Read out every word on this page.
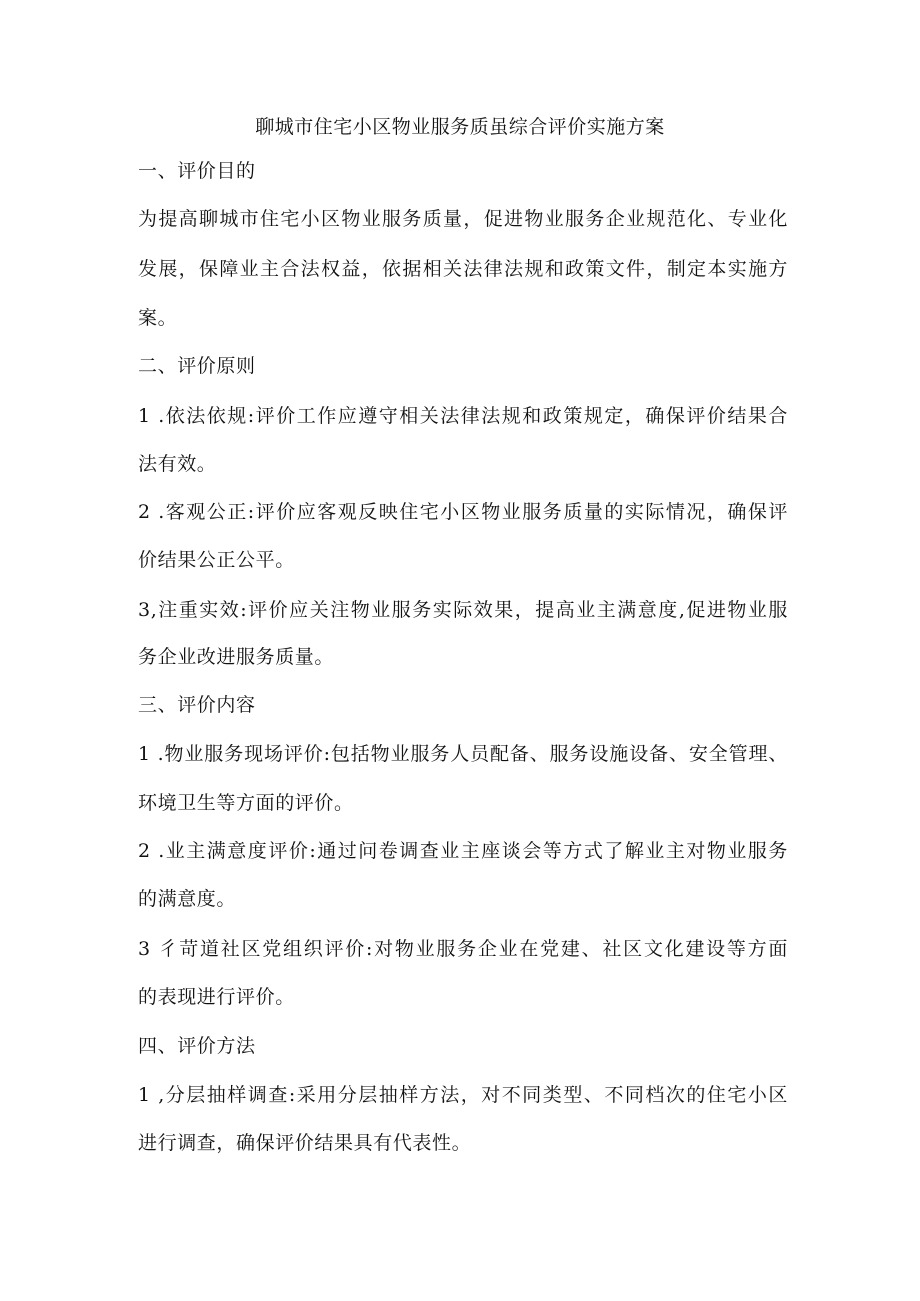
聊城市住宅小区物业服务质虽综合评价实施方案
一、评价目的
为提高聊城市住宅小区物业服务质量，促进物业服务企业规范化、专业化
发展，保障业主合法权益，依据相关法律法规和政策文件，制定本实施方
案。
二、评价原则
1 .依法依规:评价工作应遵守相关法律法规和政策规定，确保评价结果合
法有效。
2 .客观公正:评价应客观反映住宅小区物业服务质量的实际情况，确保评
价结果公正公平。
3,注重实效:评价应关注物业服务实际效果，提高业主满意度,促进物业服
务企业改进服务质量。
三、评价内容
1 .物业服务现场评价:包括物业服务人员配备、服务设施设备、安全管理、
环境卫生等方面的评价。
2 .业主满意度评价:通过问卷调查业主座谈会等方式了解业主对物业服务
的满意度。
3 彳苛道社区党组织评价:对物业服务企业在党建、社区文化建设等方面
的表现进行评价。
四、评价方法
1 ,分层抽样调查:采用分层抽样方法，对不同类型、不同档次的住宅小区
进行调查，确保评价结果具有代表性。
